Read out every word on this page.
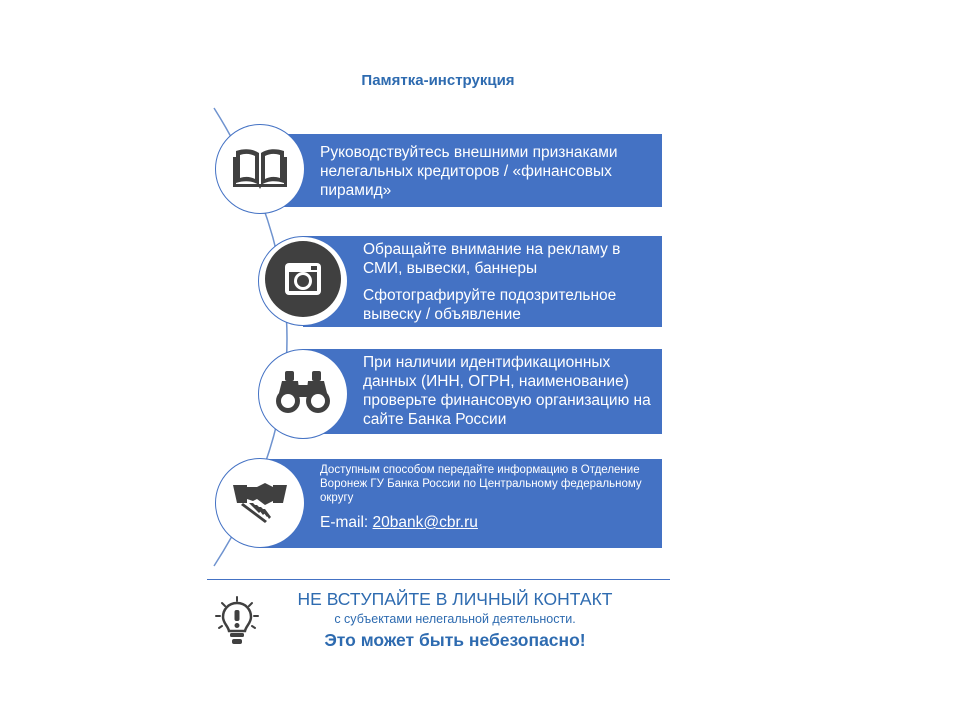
Памятка-инструкция

Руководствуйтесь внешними признаками нелегальных кредиторов / «финансовых пирамид»

Обращайте внимание на рекламу в СМИ, вывески, баннеры

Сфотографируйте подозрительное вывеску / объявление

При наличии идентификационных данных (ИНН, ОГРН, наименование) проверьте финансовую организацию на сайте Банка России

Доступным способом передайте информацию в Отделение Воронеж ГУ Банка России по Центральному федеральному округу

E-mail: 20bank@cbr.ru

НЕ ВСТУПАЙТЕ В ЛИЧНЫЙ КОНТАКТ
с субъектами нелегальной деятельности.
Это может быть небезопасно!
